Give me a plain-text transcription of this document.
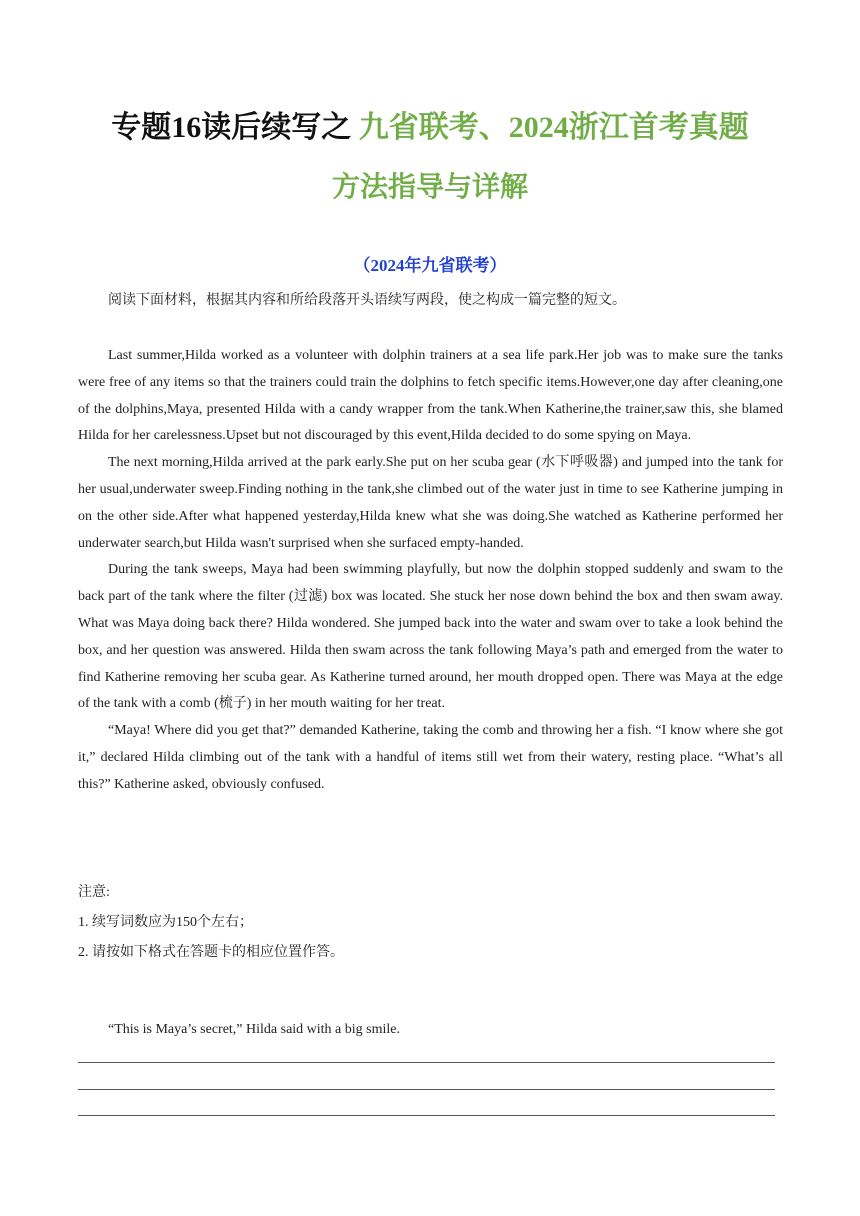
专题16读后续写之 九省联考、2024浙江首考真题
方法指导与详解
（2024年九省联考）
阅读下面材料，根据其内容和所给段落开头语续写两段，使之构成一篇完整的短文。

Last summer,Hilda worked as a volunteer with dolphin trainers at a sea life park.Her job was to make sure the tanks were free of any items so that the trainers could train the dolphins to fetch specific items.However,one day after cleaning,one of the dolphins,Maya, presented Hilda with a candy wrapper from the tank.When Katherine,the trainer,saw this, she blamed Hilda for her carelessness.Upset but not discouraged by this event,Hilda decided to do some spying on Maya.

The next morning,Hilda arrived at the park early.She put on her scuba gear (水下呼吸器) and jumped into the tank for her usual,underwater sweep.Finding nothing in the tank,she climbed out of the water just in time to see Katherine jumping in on the other side.After what happened yesterday,Hilda knew what she was doing.She watched as Katherine performed her underwater search,but Hilda wasn't surprised when she surfaced empty-handed.

During the tank sweeps, Maya had been swimming playfully, but now the dolphin stopped suddenly and swam to the back part of the tank where the filter (过滤) box was located. She stuck her nose down behind the box and then swam away. What was Maya doing back there? Hilda wondered. She jumped back into the water and swam over to take a look behind the box, and her question was answered. Hilda then swam across the tank following Maya’s path and emerged from the water to find Katherine removing her scuba gear. As Katherine turned around, her mouth dropped open. There was Maya at the edge of the tank with a comb (梳子) in her mouth waiting for her treat.

“Maya! Where did you get that?” demanded Katherine, taking the comb and throwing her a fish. “I know where she got it,” declared Hilda climbing out of the tank with a handful of items still wet from their watery, resting place. “What’s all this?” Katherine asked, obviously confused.

注意:
1. 续写词数应为150个左右；
2. 请按如下格式在答题卡的相应位置作答。
“This is Maya’s secret,” Hilda said with a big smile.
